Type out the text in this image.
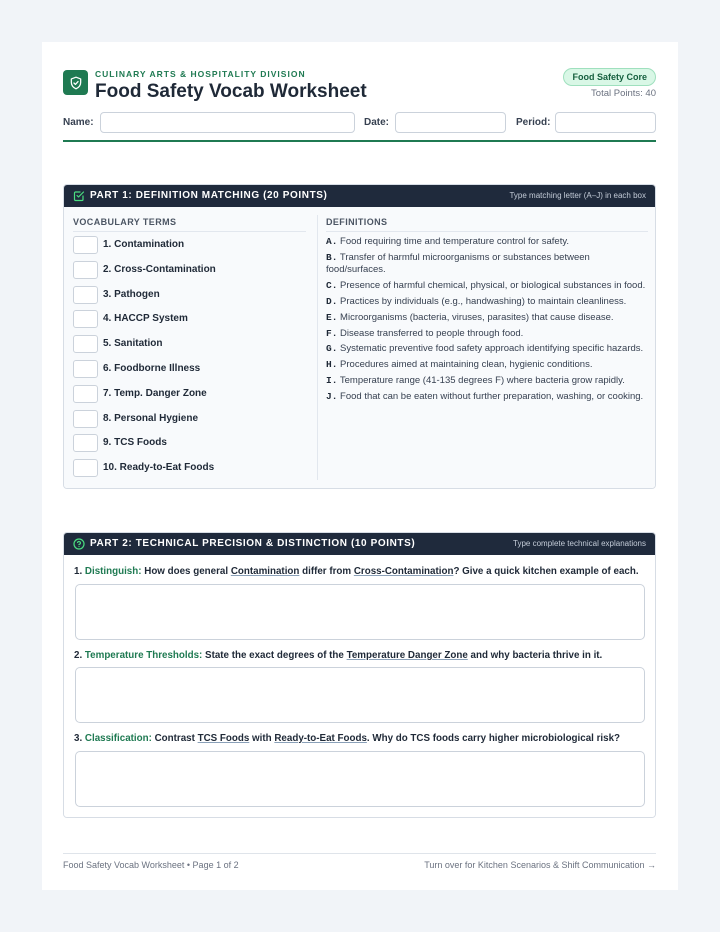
CULINARY ARTS & HOSPITALITY DIVISION
Food Safety Vocab Worksheet
Food Safety Core
Total Points: 40
Name:	Date:	Period:
PART 1: DEFINITION MATCHING (20 POINTS)	Type matching letter (A–J) in each box
VOCABULARY TERMS
1. Contamination
2. Cross-Contamination
3. Pathogen
4. HACCP System
5. Sanitation
6. Foodborne Illness
7. Temp. Danger Zone
8. Personal Hygiene
9. TCS Foods
10. Ready-to-Eat Foods
DEFINITIONS
A. Food requiring time and temperature control for safety.
B. Transfer of harmful microorganisms or substances between food/surfaces.
C. Presence of harmful chemical, physical, or biological substances in food.
D. Practices by individuals (e.g., handwashing) to maintain cleanliness.
E. Microorganisms (bacteria, viruses, parasites) that cause disease.
F. Disease transferred to people through food.
G. Systematic preventive food safety approach identifying specific hazards.
H. Procedures aimed at maintaining clean, hygienic conditions.
I. Temperature range (41-135 degrees F) where bacteria grow rapidly.
J. Food that can be eaten without further preparation, washing, or cooking.
PART 2: TECHNICAL PRECISION & DISTINCTION (10 POINTS)	Type complete technical explanations
1. Distinguish: How does general Contamination differ from Cross-Contamination? Give a quick kitchen example of each.
2. Temperature Thresholds: State the exact degrees of the Temperature Danger Zone and why bacteria thrive in it.
3. Classification: Contrast TCS Foods with Ready-to-Eat Foods. Why do TCS foods carry higher microbiological risk?
Food Safety Vocab Worksheet • Page 1 of 2	Turn over for Kitchen Scenarios & Shift Communication →
